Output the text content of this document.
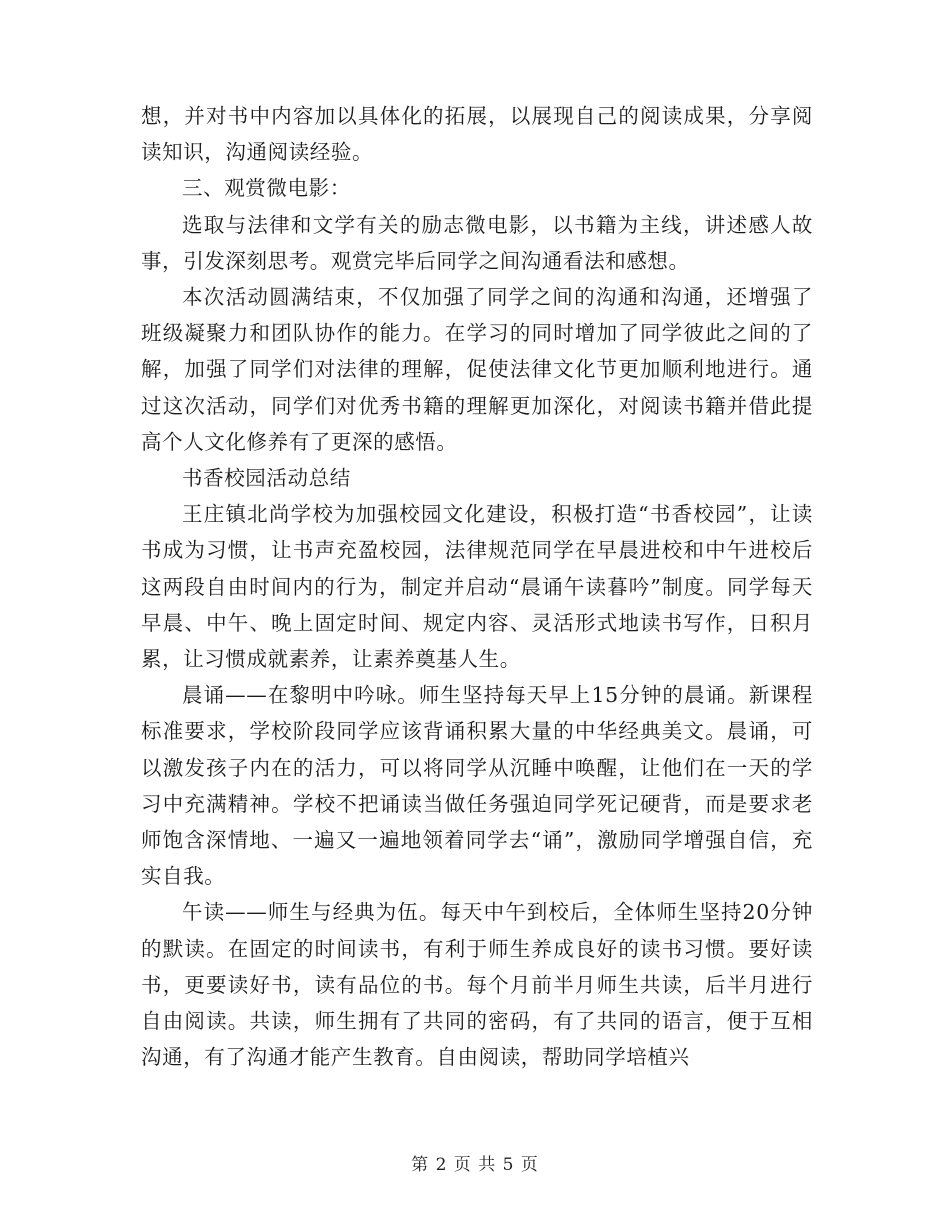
想，并对书中内容加以具体化的拓展，以展现自己的阅读成果，分享阅读知识，沟通阅读经验。

三、观赏微电影：

选取与法律和文学有关的励志微电影，以书籍为主线，讲述感人故事，引发深刻思考。观赏完毕后同学之间沟通看法和感想。

本次活动圆满结束，不仅加强了同学之间的沟通和沟通，还增强了班级凝聚力和团队协作的能力。在学习的同时增加了同学彼此之间的了解，加强了同学们对法律的理解，促使法律文化节更加顺利地进行。通过这次活动，同学们对优秀书籍的理解更加深化，对阅读书籍并借此提高个人文化修养有了更深的感悟。

书香校园活动总结

王庄镇北尚学校为加强校园文化建设，积极打造“书香校园”，让读书成为习惯，让书声充盈校园，法律规范同学在早晨进校和中午进校后这两段自由时间内的行为，制定并启动“晨诵午读暮吟”制度。同学每天早晨、中午、晚上固定时间、规定内容、灵活形式地读书写作，日积月累，让习惯成就素养，让素养奠基人生。

晨诵——在黎明中吟咏。师生坚持每天早上15分钟的晨诵。新课程标准要求，学校阶段同学应该背诵积累大量的中华经典美文。晨诵，可以激发孩子内在的活力，可以将同学从沉睡中唤醒，让他们在一天的学习中充满精神。学校不把诵读当做任务强迫同学死记硬背，而是要求老师饱含深情地、一遍又一遍地领着同学去“诵”，激励同学增强自信，充实自我。

午读——师生与经典为伍。每天中午到校后，全体师生坚持20分钟的默读。在固定的时间读书，有利于师生养成良好的读书习惯。要好读书，更要读好书，读有品位的书。每个月前半月师生共读，后半月进行自由阅读。共读，师生拥有了共同的密码，有了共同的语言，便于互相沟通，有了沟通才能产生教育。自由阅读，帮助同学培植兴

第 2 页 共 5 页
